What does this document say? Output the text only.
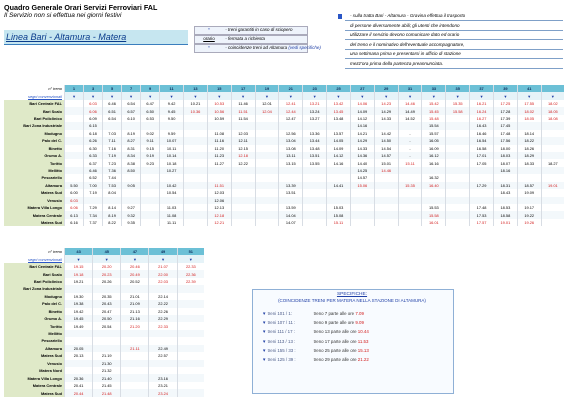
Quadro Generale Orari Servizi Ferroviari FAL
Il Servizio non si effettua nei giorni festivi
Linea Bari - Altamura - Matera
*	- treni garantiti in caso di sciopero
orario - fermata a richiesta
*	- coincidenze treni ad Altamura (vedi specifiche)
- sulla tratta Bari - Altamura - Gravina effettua il trasporto
di persone diversamente abili; gli utenti che intendono
utilizzare il servizio devono comunicare dato ed orario
del treno e il nominativo dell'eventuale accompagnatore,
una settimana prima e presentarsi in ufficio di stazione
mezz'ora prima della partenza preannunciata.
n° treno	1	3	5	7	9	11	13	15	17	19	21	23	25	27	29	31	33	35	37	39	41	
segni convenzionali	▼	▼	▼	▼	▼	▼	▼	▼	▼	▼	▼	▼	▼	▼	▼	▼	▼	▼	▼	▼	▼	▼
Bari Centrale FAL		6.03	6.46	6.54	6.47	9.42	10.21	10.53	11.46	12.01	12.41	13.21	13.42	14.06	14.23	14.46	15.42	15.35	16.21	17.25	17.55	18.02
Bari Scalo		6.06	6.51	6.57	6.50	9.45	10.36	10.56	11.51	12.04	12.44	13.24	13.45	14.09	14.29	14.49	15.45	15.58	16.24	17.28	18.02	18.05
Bari Policlinico		6.09	6.54	6.10	6.53	9.50		10.59	11.54		12.47	13.27	13.48	14.12	14.33	14.52	15.48		16.27	17.39	18.05	18.08
Bari Zona Industriale		6.15												14.16			15.54		16.43	17.45		
Modugno		6.18	7.03	8.19	9.02	9.59		11.08	12.03		12.56	13.36	13.57	14.21	14.42	-	15.57		16.46	17.48	18.14	
Palo del C.		6.26	7.11	8.27	9.11	10.07		11.16	12.11		13.04	13.44	14.05	14.29	14.50	-	16.05		16.54	17.56	18.22	
Binetto		6.30	7.16	8.31	9.15	10.11		11.20	12.15		13.08	13.48	14.09	14.33	14.54	-	16.09		16.58	18.00	18.26	
Grumo A.		6.33	7.19	8.34	9.19	10.14		11.23	12.18		13.11	13.51	14.12	14.36	14.57	-	16.12		17.01	18.03	18.29	
Toritto		6.37	7.23	8.38	9.23	10.18		11.27	12.22		13.15	13.55	14.16	14.40	15.01	15.11	16.16		17.05	18.07	18.33	18.27
Mellitto		6.46	7.36	8.50		10.27								14.25	14.46					18.16		
Pescariello		6.52	7.44											14.57			16.32					
Altamura	5.50	7.00	7.53	9.05		10.42		11.51			13.39		14.41	15.06		15.35	16.40		17.29	18.31	18.57	19.01
Matera Sud	6.00	7.19	8.04			10.54		12.03			13.51									18.43	19.09	
Venusio	6.03							12.06														
Matera Villa Longo	6.06	7.29	8.14	9.27		11.03		12.13			13.59		15.03				15.53		17.48	18.53	19.17	
Matera Centrale	6.13	7.34	8.19	9.32		11.08		12.18			14.04		15.08				15.58		17.53	18.58	19.22	
Matera Sud	6.16	7.37	8.22	9.35		11.11		12.21			14.07		15.11				16.01		17.57	19.01	19.26	
n° treno	43	45	47	49	51
segni convenzionali	▼	▼	▼	▼	▼
Bari Centrale FAL	19.15	20.20	20.46	21.07	22.33
Bari Scalo	19.18	20.23	20.49	22.00	22.36
Bari Policlinico	19.21	20.26	20.52	22.03	22.39
Bari Zona Industriale					
Modugno	19.30	20.35	21.01	22.14	
Palo del C.	19.38	20.43	21.09	22.22	
Binetto	19.42	20.47	21.13	22.26	
Grumo A.	19.45	20.50	21.16	22.29	
Toritto	19.49	20.54	21.20	22.33	
Mellitto					
Pescariello					
Altamura	20.05		21.11	22.49	
Matera Sud	20.13	21.19		22.57	
Venusio		21.30			
Matera Nord		21.32			
Matera Villa Longo	20.36	21.40		23.16	
Matera Centrale	20.41	21.45		23.21	
Matera Sud	20.44	21.48		23.24	
SPECIFICHE:
(COINCIDENZE TRENI PER MATERA NELLA STAZIONE DI ALTAMURA)
▼ treni 101 / 1:	treno 7 parte alle ore 7.09
▼ treni 107 / 11 :	treno 9 parte alle ore 9.09
▼ treni 111 / 17 :	treno 13 parte alle ore 10.44
▼ treni 113 / 13 :	treno 17 parte alle ore 11.53
▼ treni 155 / 33 :	treno 25 parte alle ore 15.13
▼ treni 125 / 39 :	treno 29 parte alle ore 21.22
